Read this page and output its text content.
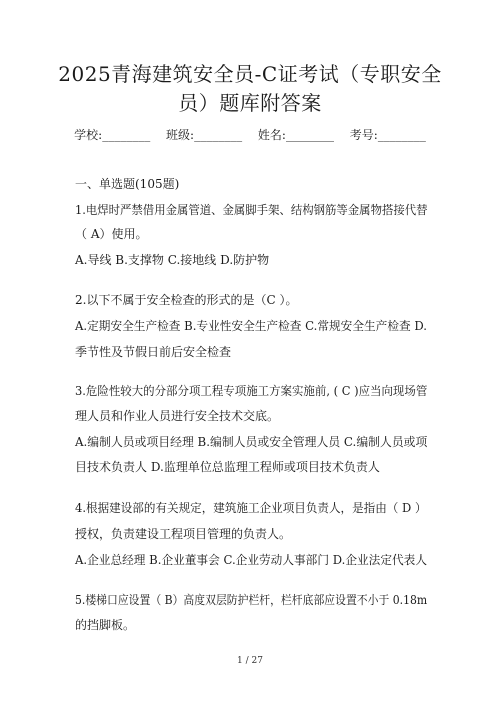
2025青海建筑安全员-C证考试（专职安全
员）题库附答案
学校:________ 班级:________ 姓名:________ 考号:________
一、单选题(105题)
1.电焊时严禁借用金属管道、金属脚手架、结构钢筋等金属物搭接代替
（ A）使用。
A.导线 B.支撑物 C.接地线 D.防护物
2.以下不属于安全检查的形式的是（C ）。
A.定期安全生产检查 B.专业性安全生产检查 C.常规安全生产检查 D.
季节性及节假日前后安全检查
3.危险性较大的分部分项工程专项施工方案实施前, ( C )应当向现场管
理人员和作业人员进行安全技术交底。
A.编制人员或项目经理 B.编制人员或安全管理人员 C.编制人员或项
目技术负责人 D.监理单位总监理工程师或项目技术负责人
4.根据建设部的有关规定，建筑施工企业项目负责人，是指由（ D ）
授权，负责建设工程项目管理的负责人。
A.企业总经理 B.企业董事会 C.企业劳动人事部门 D.企业法定代表人
5.楼梯口应设置（ B）高度双层防护栏杆，栏杆底部应设置不小于 0.18m
的挡脚板。
1 / 27
